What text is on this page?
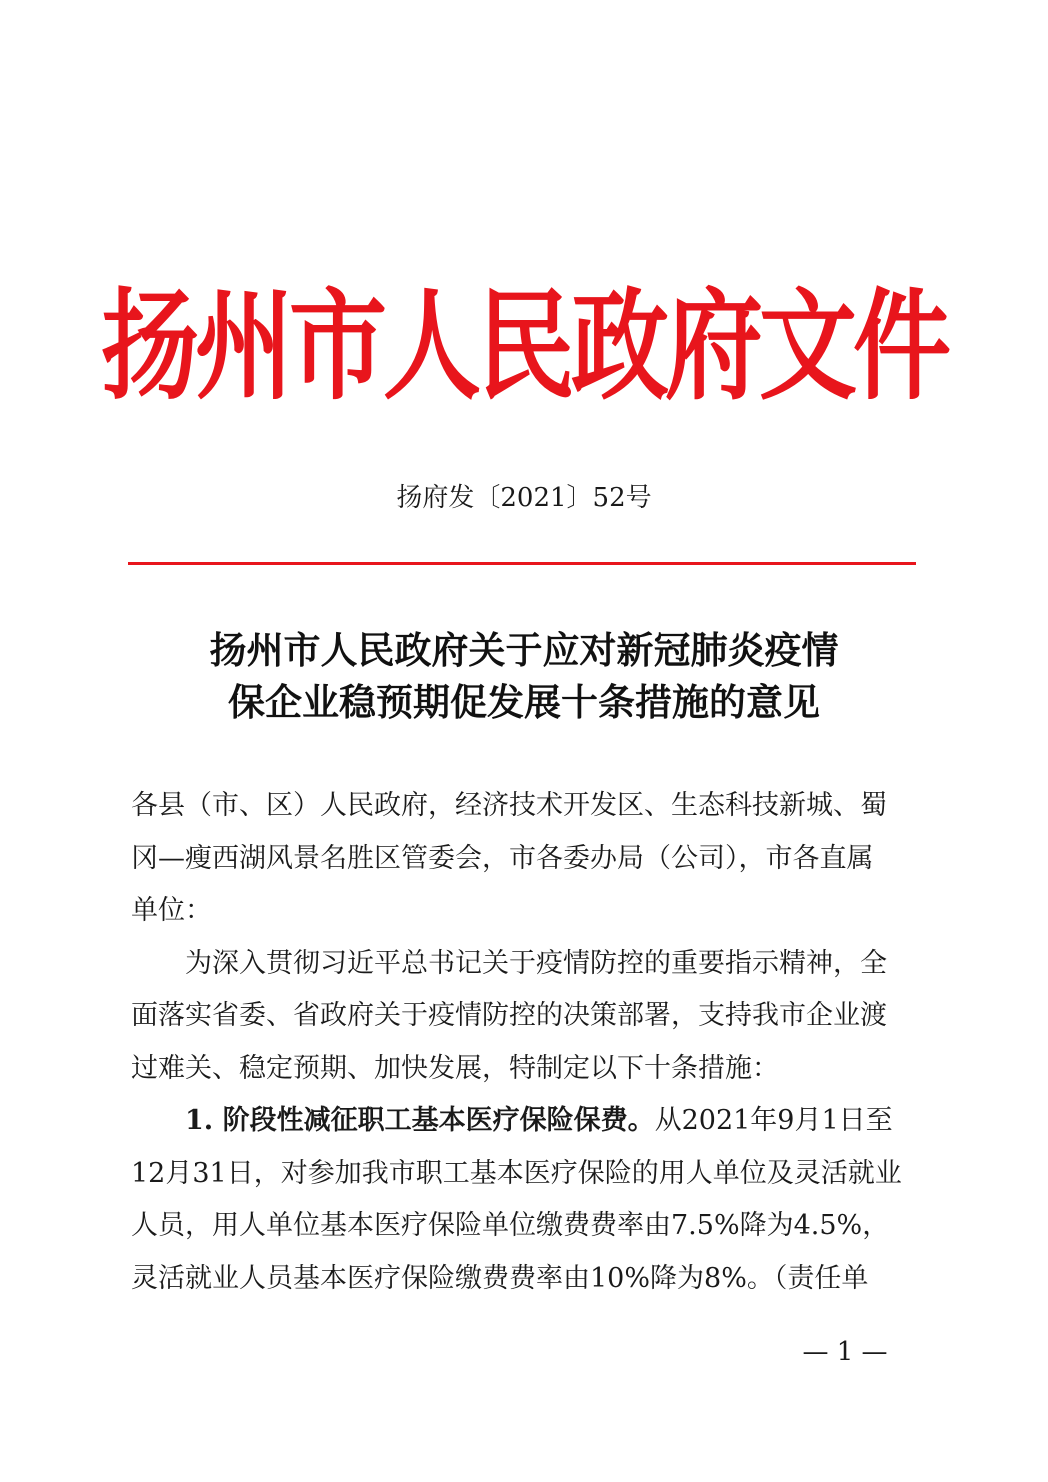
扬州市人民政府文件
扬府发〔2021〕52号
扬州市人民政府关于应对新冠肺炎疫情
保企业稳预期促发展十条措施的意见
各县（市、区）人民政府，经济技术开发区、生态科技新城、蜀
冈—瘦西湖风景名胜区管委会，市各委办局（公司），市各直属
单位：
为深入贯彻习近平总书记关于疫情防控的重要指示精神，全
面落实省委、省政府关于疫情防控的决策部署，支持我市企业渡
过难关、稳定预期、加快发展，特制定以下十条措施：
1. 阶段性减征职工基本医疗保险保费。从2021年9月1日至
12月31日，对参加我市职工基本医疗保险的用人单位及灵活就业
人员，用人单位基本医疗保险单位缴费费率由7.5%降为4.5%，
灵活就业人员基本医疗保险缴费费率由10%降为8%。（责任单
— 1 —
